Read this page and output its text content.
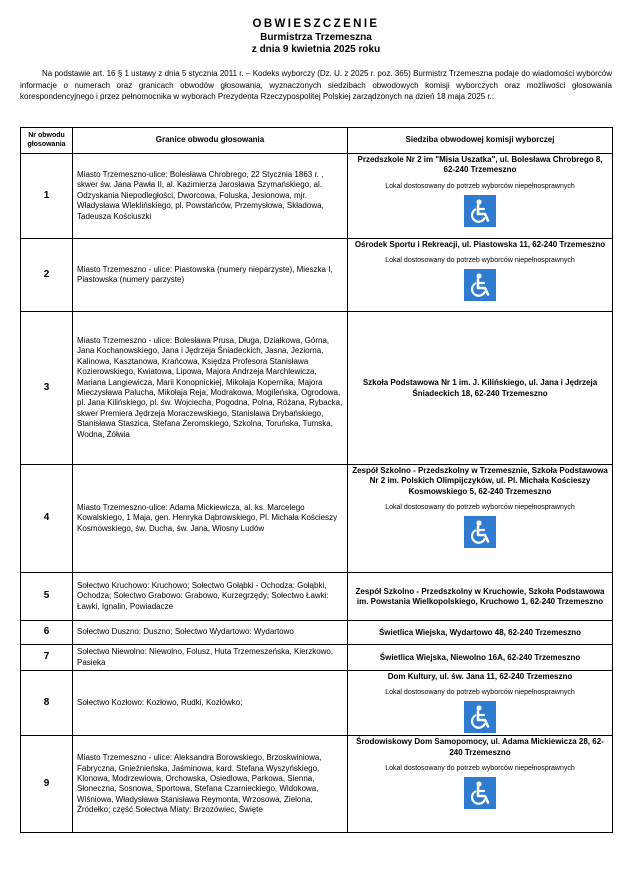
OBWIESZCZENIE
Burmistrza Trzemeszna
z dnia 9 kwietnia 2025 roku
Na podstawie art. 16 § 1 ustawy z dnia 5 stycznia 2011 r. – Kodeks wyborczy (Dz. U. z 2025 r. poz. 365) Burmistrz Trzemeszna podaje do wiadomości wyborców informacje o numerach oraz granicach obwodów głosowania, wyznaczonych siedzibach obwodowych komisji wyborczych oraz możliwości głosowania korespondencyjnego i przez pełnomocnika w wyborach Prezydenta Rzeczypospolitej Polskiej zarządzonych na dzień 18 maja 2025 r.:
Nr obwodu głosowania	Granice obwodu głosowania	Siedziba obwodowej komisji wyborczej
1	Miasto Trzemeszno-ulice: Bolesława Chrobrego, 22 Stycznia 1863 r. , skwer św. Jana Pawła II, al. Kazimierza Jarosława Szymańskiego, al. Odzyskania Niepodległości, Dworcowa, Foluska, Jesionowa, mjr. Władysława Wleklińskiego, pl. Powstańców, Przemysłowa, Składowa, Tadeusza Kościuszki	Przedszkole Nr 2 im "Misia Uszatka", ul. Bolesława Chrobrego 8, 62-240 Trzemeszno
Lokal dostosowany do potrzeb wyborców niepełnosprawnych

2	Miasto Trzemeszno - ulice: Piastowska (numery nieparzyste), Mieszka I, Piastowska (numery parzyste)	Ośrodek Sportu i Rekreacji, ul. Piastowska 11, 62-240 Trzemeszno
Lokal dostosowany do potrzeb wyborców niepełnosprawnych

3	Miasto Trzemeszno - ulice: Bolesława Prusa, Długa, Działkowa, Górna, Jana Kochanowskiego, Jana i Jędrzeja Śniadeckich, Jasna, Jeziorna, Kalinowa, Kasztanowa, Krańcowa, Księdza Profesora Stanisława Kozierowskiego, Kwiatowa, Lipowa, Majora Andrzeja Marchlewicza, Mariana Langiewicza, Marii Konopnickiej, Mikołaja Kopernika, Majora Mieczysława Palucha, Mikołaja Reja, Modrakowa, Mogileńska, Ogrodowa, pl. Jana Kilińskiego, pl. św. Wojciecha, Pogodna, Polna, Różana, Rybacka, skwer Premiera Jędrzeja Moraczewskiego, Stanisława Drybańskiego, Stanisława Staszica, Stefana Żeromskiego, Szkolna, Toruńska, Tumska, Wodna, Żółwia	Szkoła Podstawowa Nr 1 im. J. Kilińskiego, ul. Jana i Jędrzeja Śniadeckich 18, 62-240 Trzemeszno

4	Miasto Trzemeszno-ulice: Adama Mickiewicza, al. ks. Marcelego Kowalskiego, 1 Maja, gen. Henryka Dąbrowskiego, Pl. Michała Kościeszy Kosmowskiego, św. Ducha, św. Jana, Wiosny Ludów	Zespół Szkolno - Przedszkolny w Trzemesznie, Szkoła Podstawowa Nr 2 im. Polskich Olimpijczyków, ul. Pl. Michała Kościeszy Kosmowskiego 5, 62-240 Trzemeszno
Lokal dostosowany do potrzeb wyborców niepełnosprawnych

5	Sołectwo Kruchowo: Kruchowo; Sołectwo Gołąbki - Ochodza: Gołąbki, Ochodza; Sołectwo Grabowo: Grabowo, Kurzegrzędy; Sołectwo Ławki: Ławki, Ignalin, Powiadacze	Zespół Szkolno - Przedszkolny w Kruchowie, Szkoła Podstawowa im. Powstania Wielkopolskiego, Kruchowo 1, 62-240 Trzemeszno

6	Sołectwo Duszno: Duszno; Sołectwo Wydartowo: Wydartowo	Świetlica Wiejska, Wydartowo 48, 62-240 Trzemeszno

7	Sołectwo Niewolno: Niewolno, Folusz, Huta Trzemeszeńska, Kierzkowo, Pasieka	Świetlica Wiejska, Niewolno 16A, 62-240 Trzemeszno

8	Sołectwo Kozłowo: Kozłowo, Rudki, Kozłówko;	Dom Kultury, ul. św. Jana 11, 62-240 Trzemeszno
Lokal dostosowany do potrzeb wyborców niepełnosprawnych

9	Miasto Trzemeszno - ulice: Aleksandra Borowskiego, Brzoskwiniowa, Fabryczna, Gnieźnieńska, Jaśminowa, kard. Stefana Wyszyńskiego, Klonowa, Modrzewiowa, Orchowska, Osiedlowa, Parkowa, Sienna, Słoneczna, Sosnowa, Sportowa, Stefana Czarnieckiego, Widokowa, Wiśniowa, Władysława Stanisława Reymonta, Wrzosowa, Zielona, Źródełko; część Sołectwa Miaty: Brzozówiec, Święte	Środowiskowy Dom Samopomocy, ul. Adama Mickiewicza 28, 62-240 Trzemeszno
Lokal dostosowany do potrzeb wyborców niepełnosprawnych
